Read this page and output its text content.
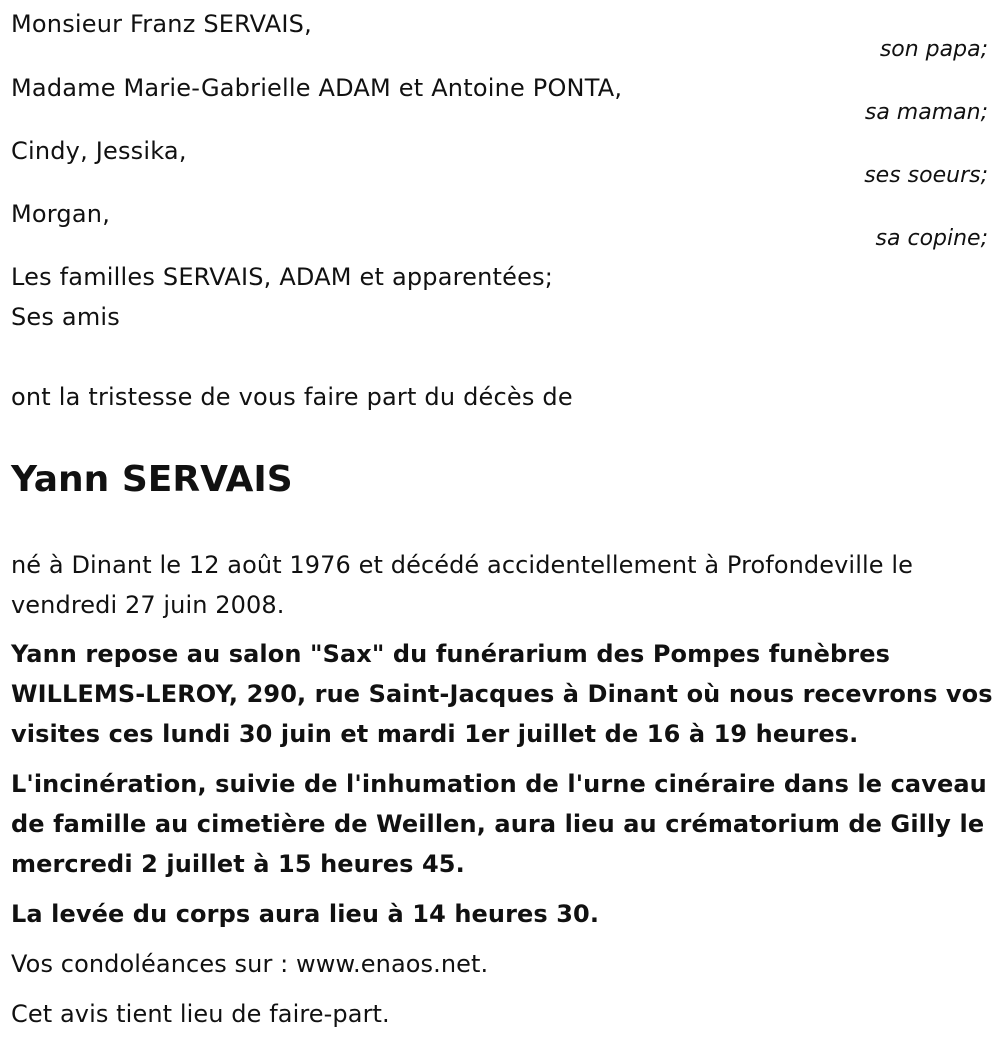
Monsieur Franz SERVAIS,
son papa;
Madame Marie-Gabrielle ADAM et Antoine PONTA,
sa maman;
Cindy, Jessika,
ses soeurs;
Morgan,
sa copine;
Les familles SERVAIS, ADAM et apparentées;
Ses amis
ont la tristesse de vous faire part du décès de
Yann SERVAIS
né à Dinant le 12 août 1976 et décédé accidentellement à Profondeville le vendredi 27 juin 2008.
Yann repose au salon "Sax" du funérarium des Pompes funèbres WILLEMS-LEROY, 290, rue Saint-Jacques à Dinant où nous recevrons vos visites ces lundi 30 juin et mardi 1er juillet de 16 à 19 heures.
L'incinération, suivie de l'inhumation de l'urne cinéraire dans le caveau de famille au cimetière de Weillen, aura lieu au crématorium de Gilly le mercredi 2 juillet à 15 heures 45.
La levée du corps aura lieu à 14 heures 30.
Vos condoléances sur : www.enaos.net.
Cet avis tient lieu de faire-part.
